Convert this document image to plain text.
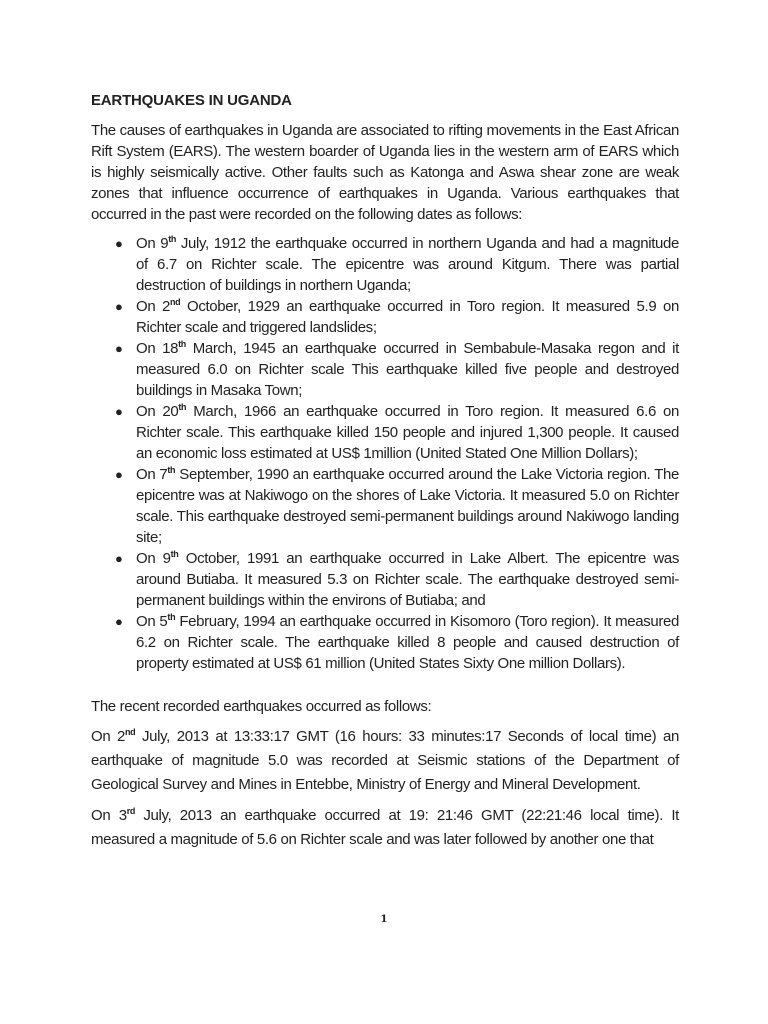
EARTHQUAKES IN UGANDA

The causes of earthquakes in Uganda are associated to rifting movements in the East African Rift System (EARS). The western boarder of Uganda lies in the western arm of EARS which is highly seismically active. Other faults such as Katonga and Aswa shear zone are weak zones that influence occurrence of earthquakes in Uganda. Various earthquakes that occurred in the past were recorded on the following dates as follows:

● On 9th July, 1912 the earthquake occurred in northern Uganda and had a magnitude of 6.7 on Richter scale. The epicentre was around Kitgum. There was partial destruction of buildings in northern Uganda;
● On 2nd October, 1929 an earthquake occurred in Toro region. It measured 5.9 on Richter scale and triggered landslides;
● On 18th March, 1945 an earthquake occurred in Sembabule-Masaka regon and it measured 6.0 on Richter scale This earthquake killed five people and destroyed buildings in Masaka Town;
● On 20th March, 1966 an earthquake occurred in Toro region. It measured 6.6 on Richter scale. This earthquake killed 150 people and injured 1,300 people. It caused an economic loss estimated at US$ 1million (United Stated One Million Dollars);
● On 7th September, 1990 an earthquake occurred around the Lake Victoria region. The epicentre was at Nakiwogo on the shores of Lake Victoria. It measured 5.0 on Richter scale. This earthquake destroyed semi-permanent buildings around Nakiwogo landing site;
● On 9th October, 1991 an earthquake occurred in Lake Albert. The epicentre was around Butiaba. It measured 5.3 on Richter scale. The earthquake destroyed semi-permanent buildings within the environs of Butiaba; and
● On 5th February, 1994 an earthquake occurred in Kisomoro (Toro region). It measured 6.2 on Richter scale. The earthquake killed 8 people and caused destruction of property estimated at US$ 61 million (United States Sixty One million Dollars).

The recent recorded earthquakes occurred as follows:

On 2nd July, 2013 at 13:33:17 GMT (16 hours: 33 minutes:17 Seconds of local time) an earthquake of magnitude 5.0 was recorded at Seismic stations of the Department of Geological Survey and Mines in Entebbe, Ministry of Energy and Mineral Development.

On 3rd July, 2013 an earthquake occurred at 19: 21:46 GMT (22:21:46 local time). It measured a magnitude of 5.6 on Richter scale and was later followed by another one that

1
